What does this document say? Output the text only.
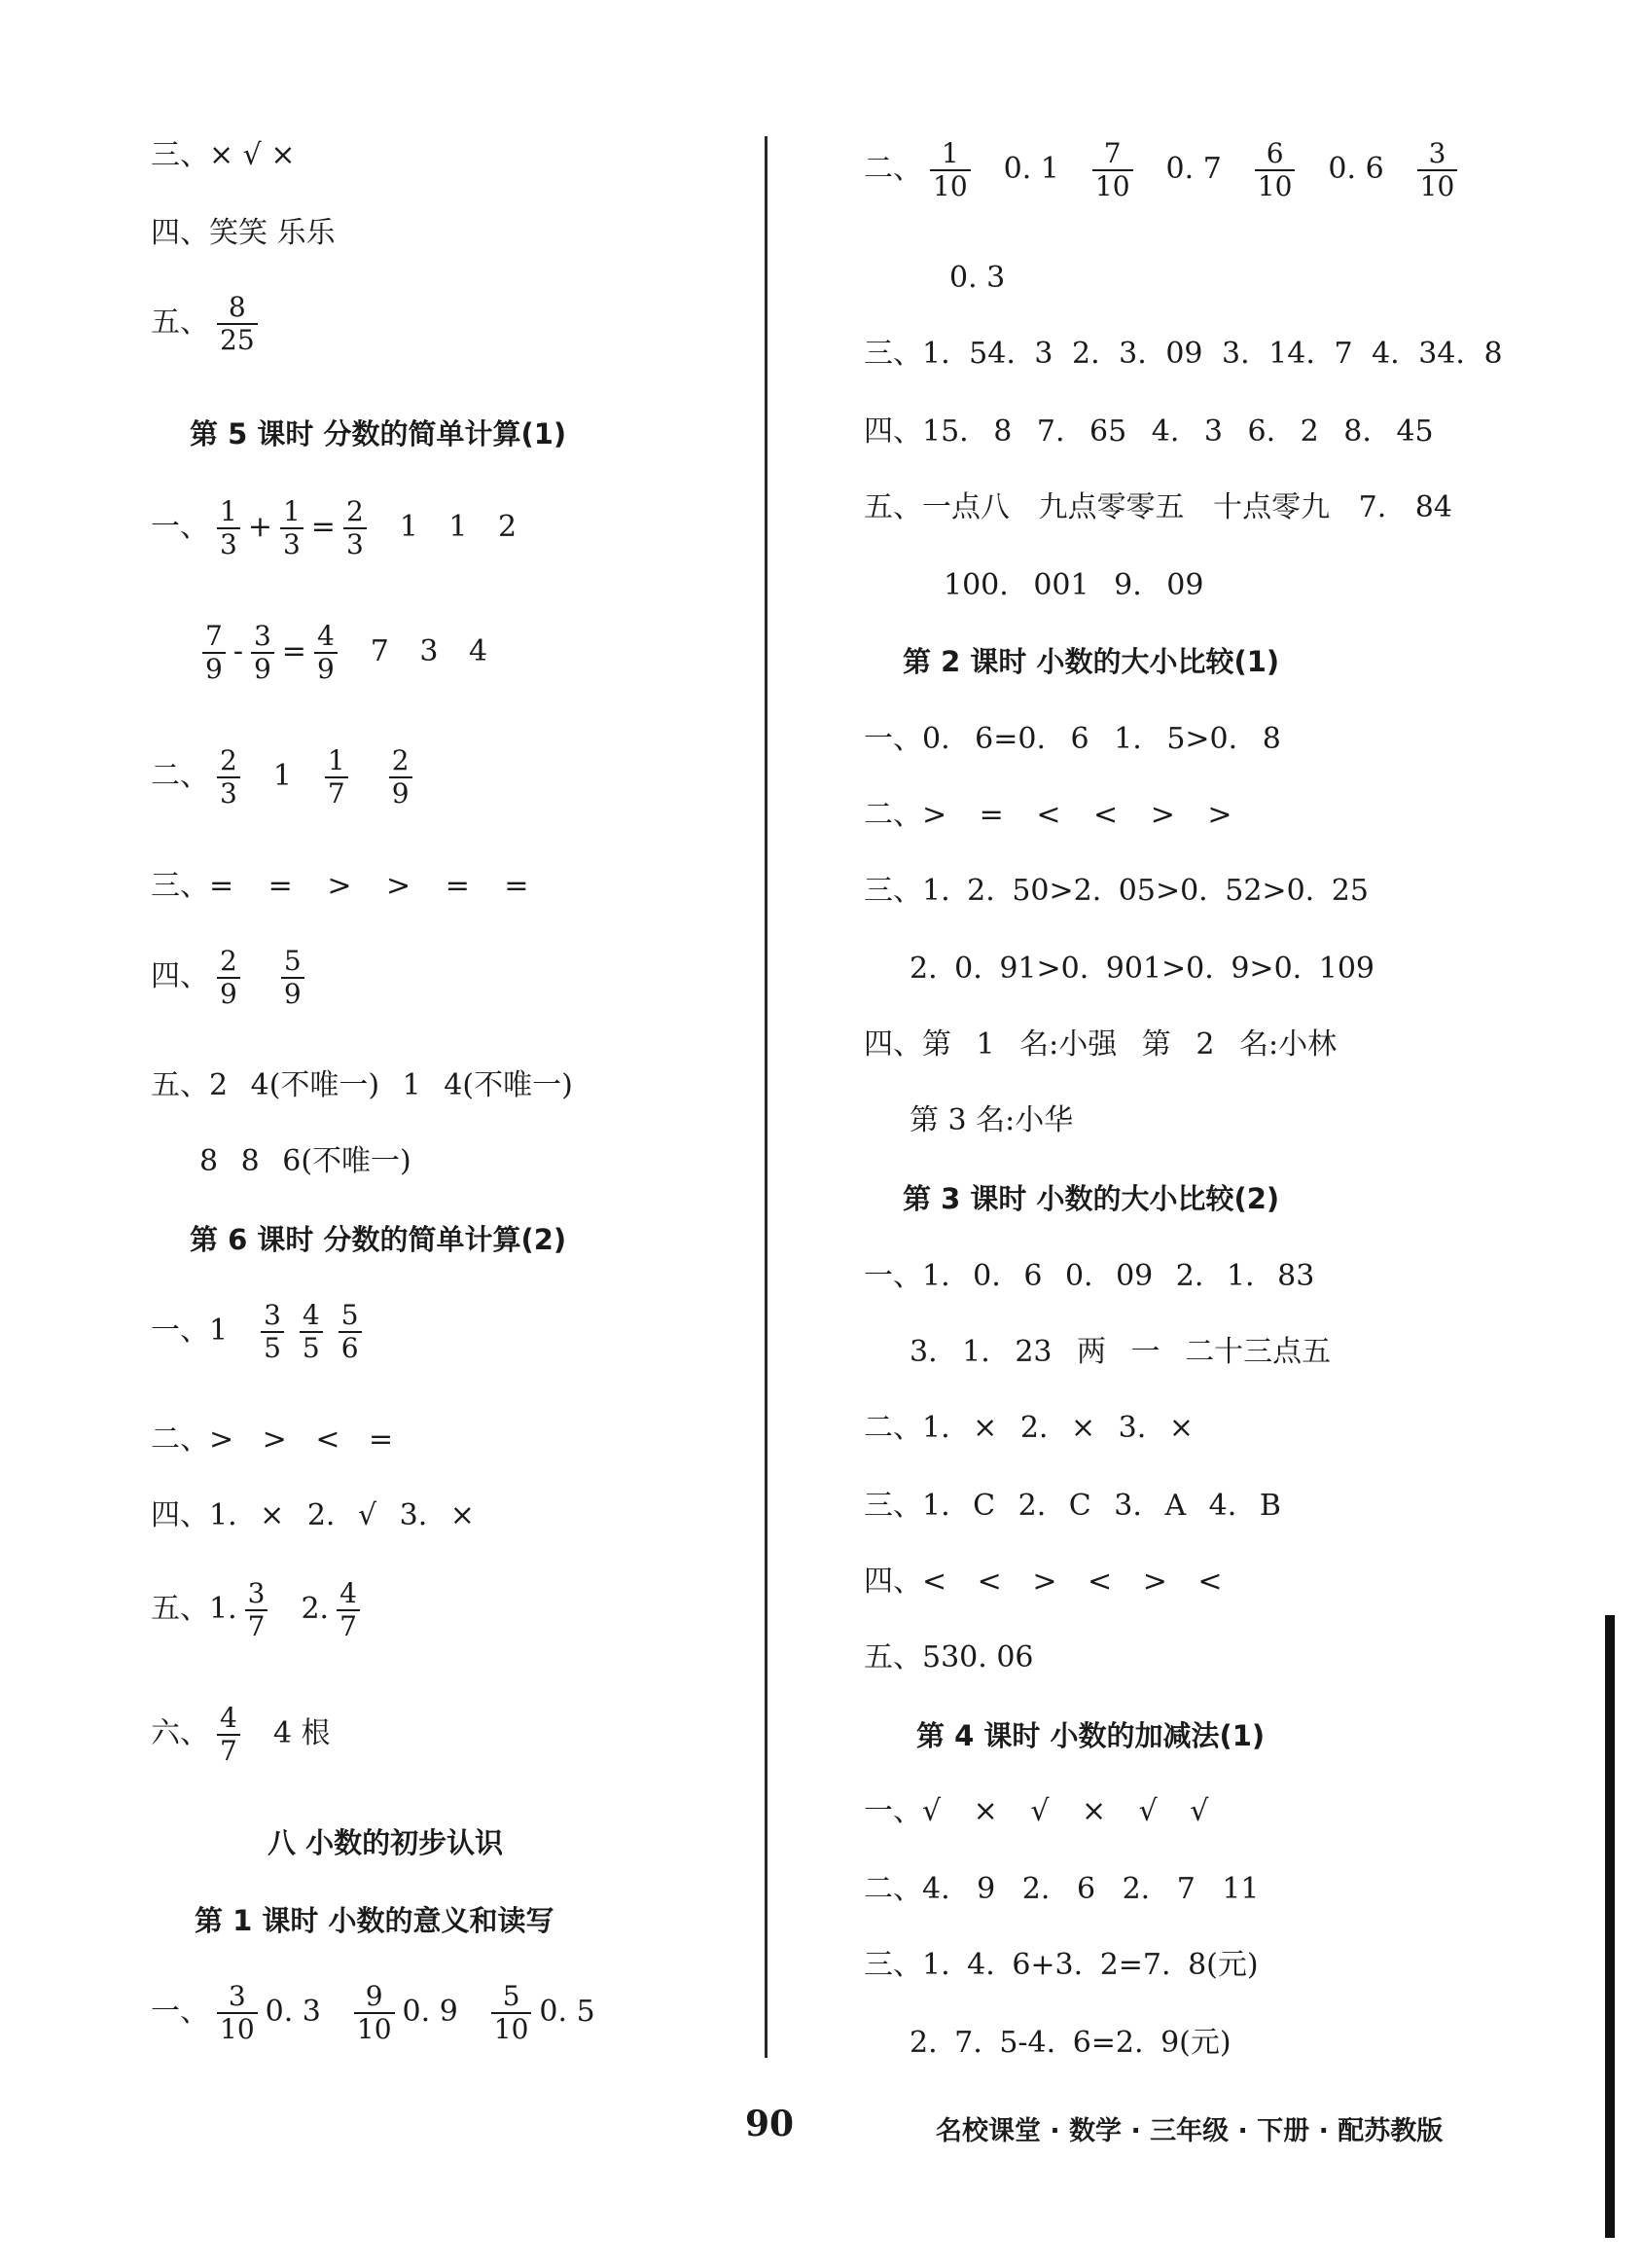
三、× √ ×
四、笑笑 乐乐
五、 $\frac{8}{25}$
第 5 课时 分数的简单计算(1)
一、 $\frac{1}{3} + \frac{1}{3} = \frac{2}{3} 1$ 1 2
$\frac{7}{9} - \frac{3}{9} = \frac{4}{9} 7$ 3 4
二、 $\frac{2}{3} 1 \frac{1}{7} \frac{2}{9}$
三、= = > > = =
四、 $\frac{2}{9} \frac{5}{9}$
五、2 4(不唯一) 1 4(不唯一)
8 8 6(不唯一)
第 6 课时 分数的简单计算(2)
一、$1 \frac{3}{5} \frac{4}{5} \frac{5}{6}$
二、> > < =
四、1. × 2. √ 3. ×
五、1. $\frac{3}{7} 2$. $\frac{4}{7}$
六、 $\frac{4}{7} 4$ 根
八 小数的初步认识
第 1 课时 小数的意义和读写
一、 $\frac{3}{10} 0$. $3 \frac{9}{10} 0$. $9 \frac{5}{10} 0$. 5
二、 $\frac{1}{10} 0$. $1 \frac{7}{10} 0$. $7 \frac{6}{10} 0$. $6 \frac{3}{10}$
0. 3
三、1. 54. 3 2. 3. 09 3. 14. 7 4. 34. 8
四、15. 8 7. 65 4. 3 6. 2 8. 45
五、一点八 九点零零五 十点零九 7. 84
100. 001 9. 09
第 2 课时 小数的大小比较(1)
一、0. 6=0. 6 1. 5>0. 8
二、> = < < > >
三、1. 2. 50>2. 05>0. 52>0. 25
2. 0. 91>0. 901>0. 9>0. 109
四、第 1 名:小强 第 2 名:小林
第 3 名:小华
第 3 课时 小数的大小比较(2)
一、1. 0. 6 0. 09 2. 1. 83
3. 1. 23 两 一 二十三点五
二、1. × 2. × 3. ×
三、1. C 2. C 3. A 4. B
四、< < > < > <
五、530. 06
第 4 课时 小数的加减法(1)
一、√ × √ × √ √
二、4. 9 2. 6 2. 7 11
三、1. 4. 6+3. 2=7. 8(元)
2. 7. 5-4. 6=2. 9(元)
90	名校课堂 · 数学 · 三年级 · 下册 · 配苏教版
